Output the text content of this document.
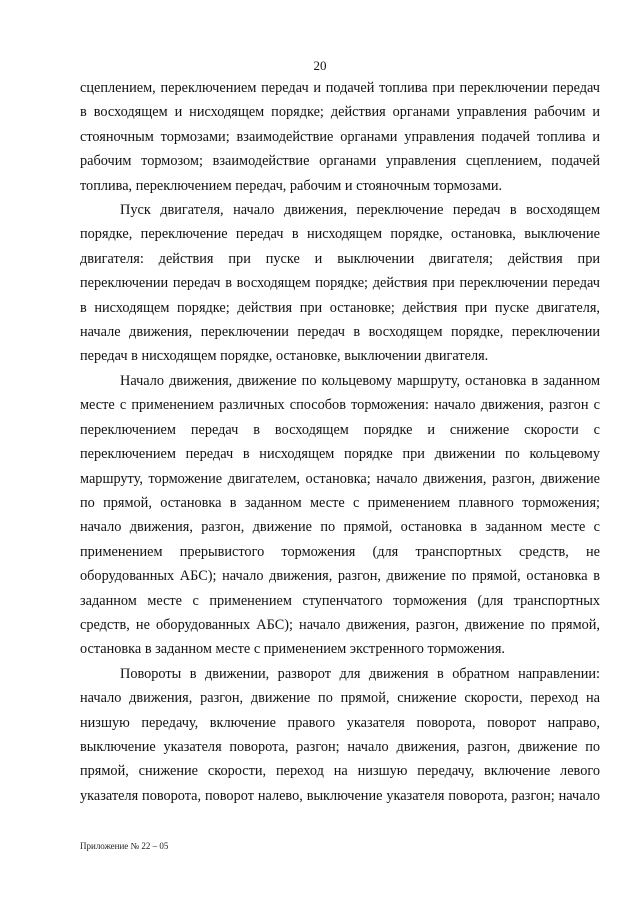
20

сцеплением, переключением передач и подачей топлива при переключении передач в восходящем и нисходящем порядке; действия органами управления рабочим и стояночным тормозами; взаимодействие органами управления подачей топлива и рабочим тормозом; взаимодействие органами управления сцеплением, подачей топлива, переключением передач, рабочим и стояночным тормозами.

Пуск двигателя, начало движения, переключение передач в восходящем порядке, переключение передач в нисходящем порядке, остановка, выключение двигателя: действия при пуске и выключении двигателя; действия при переключении передач в восходящем порядке; действия при переключении передач в нисходящем порядке; действия при остановке; действия при пуске двигателя, начале движения, переключении передач в восходящем порядке, переключении передач в нисходящем порядке, остановке, выключении двигателя.

Начало движения, движение по кольцевому маршруту, остановка в заданном месте с применением различных способов торможения: начало движения, разгон с переключением передач в восходящем порядке и снижение скорости с переключением передач в нисходящем порядке при движении по кольцевому маршруту, торможение двигателем, остановка; начало движения, разгон, движение по прямой, остановка в заданном месте с применением плавного торможения; начало движения, разгон, движение по прямой, остановка в заданном месте с применением прерывистого торможения (для транспортных средств, не оборудованных АБС); начало движения, разгон, движение по прямой, остановка в заданном месте с применением ступенчатого торможения (для транспортных средств, не оборудованных АБС); начало движения, разгон, движение по прямой, остановка в заданном месте с применением экстренного торможения.

Повороты в движении, разворот для движения в обратном направлении: начало движения, разгон, движение по прямой, снижение скорости, переход на низшую передачу, включение правого указателя поворота, поворот направо, выключение указателя поворота, разгон; начало движения, разгон, движение по прямой, снижение скорости, переход на низшую передачу, включение левого указателя поворота, поворот налево, выключение указателя поворота, разгон; начало

Приложение № 22 – 05
